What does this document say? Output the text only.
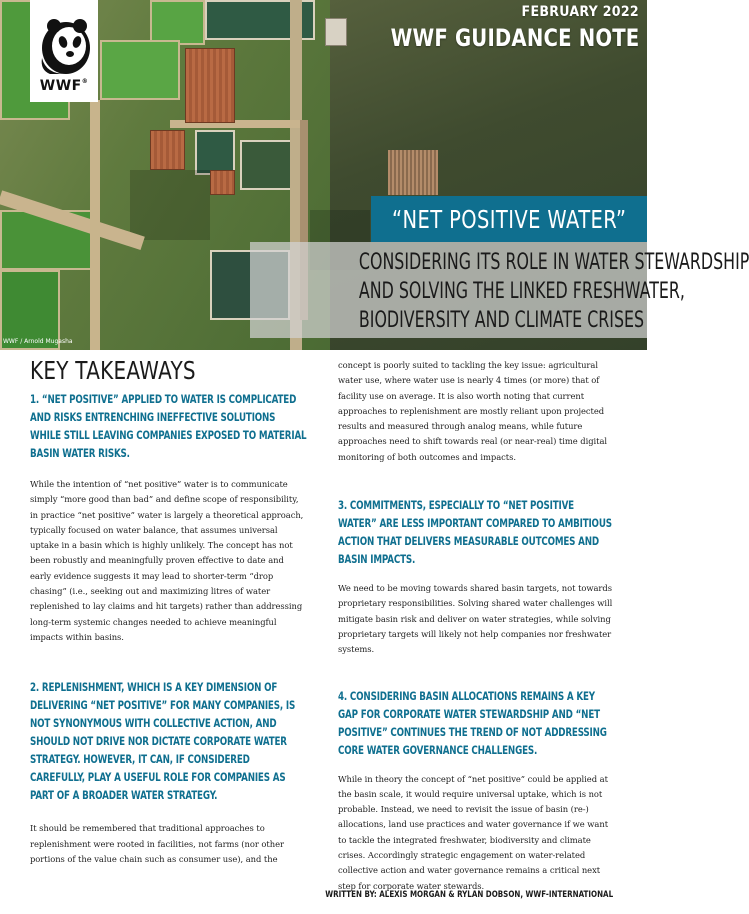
WWF®
FEBRUARY 2022
WWF GUIDANCE NOTE
“NET POSITIVE WATER”
CONSIDERING ITS ROLE IN WATER STEWARDSHIP
AND SOLVING THE LINKED FRESHWATER,
BIODIVERSITY AND CLIMATE CRISES
WWF / Arnold Mugasha
KEY TAKEAWAYS
1. “NET POSITIVE” APPLIED TO WATER IS COMPLICATED AND RISKS ENTRENCHING INEFFECTIVE SOLUTIONS WHILE STILL LEAVING COMPANIES EXPOSED TO MATERIAL BASIN WATER RISKS.

While the intention of “net positive” water is to communicate simply “more good than bad” and define scope of responsibility, in practice “net positive” water is largely a theoretical approach, typically focused on water balance, that assumes universal uptake in a basin which is highly unlikely. The concept has not been robustly and meaningfully proven effective to date and early evidence suggests it may lead to shorter-term “drop chasing” (i.e., seeking out and maximizing litres of water replenished to lay claims and hit targets) rather than addressing long-term systemic changes needed to achieve meaningful impacts within basins.

2. REPLENISHMENT, WHICH IS A KEY DIMENSION OF DELIVERING “NET POSITIVE” FOR MANY COMPANIES, IS NOT SYNONYMOUS WITH COLLECTIVE ACTION, AND SHOULD NOT DRIVE NOR DICTATE CORPORATE WATER STRATEGY. HOWEVER, IT CAN, IF CONSIDERED CAREFULLY, PLAY A USEFUL ROLE FOR COMPANIES AS PART OF A BROADER WATER STRATEGY.

It should be remembered that traditional approaches to replenishment were rooted in facilities, not farms (nor other portions of the value chain such as consumer use), and the

concept is poorly suited to tackling the key issue: agricultural water use, where water use is nearly 4 times (or more) that of facility use on average. It is also worth noting that current approaches to replenishment are mostly reliant upon projected results and measured through analog means, while future approaches need to shift towards real (or near-real) time digital monitoring of both outcomes and impacts.

3. COMMITMENTS, ESPECIALLY TO “NET POSITIVE WATER” ARE LESS IMPORTANT COMPARED TO AMBITIOUS ACTION THAT DELIVERS MEASURABLE OUTCOMES AND BASIN IMPACTS.

We need to be moving towards shared basin targets, not towards proprietary responsibilities. Solving shared water challenges will mitigate basin risk and deliver on water strategies, while solving proprietary targets will likely not help companies nor freshwater systems.

4. CONSIDERING BASIN ALLOCATIONS REMAINS A KEY GAP FOR CORPORATE WATER STEWARDSHIP AND “NET POSITIVE” CONTINUES THE TREND OF NOT ADDRESSING CORE WATER GOVERNANCE CHALLENGES.

While in theory the concept of “net positive” could be applied at the basin scale, it would require universal uptake, which is not probable. Instead, we need to revisit the issue of basin (re-) allocations, land use practices and water governance if we want to tackle the integrated freshwater, biodiversity and climate crises. Accordingly strategic engagement on water-related collective action and water governance remains a critical next step for corporate water stewards.

WRITTEN BY: ALEXIS MORGAN & RYLAN DOBSON, WWF-INTERNATIONAL
